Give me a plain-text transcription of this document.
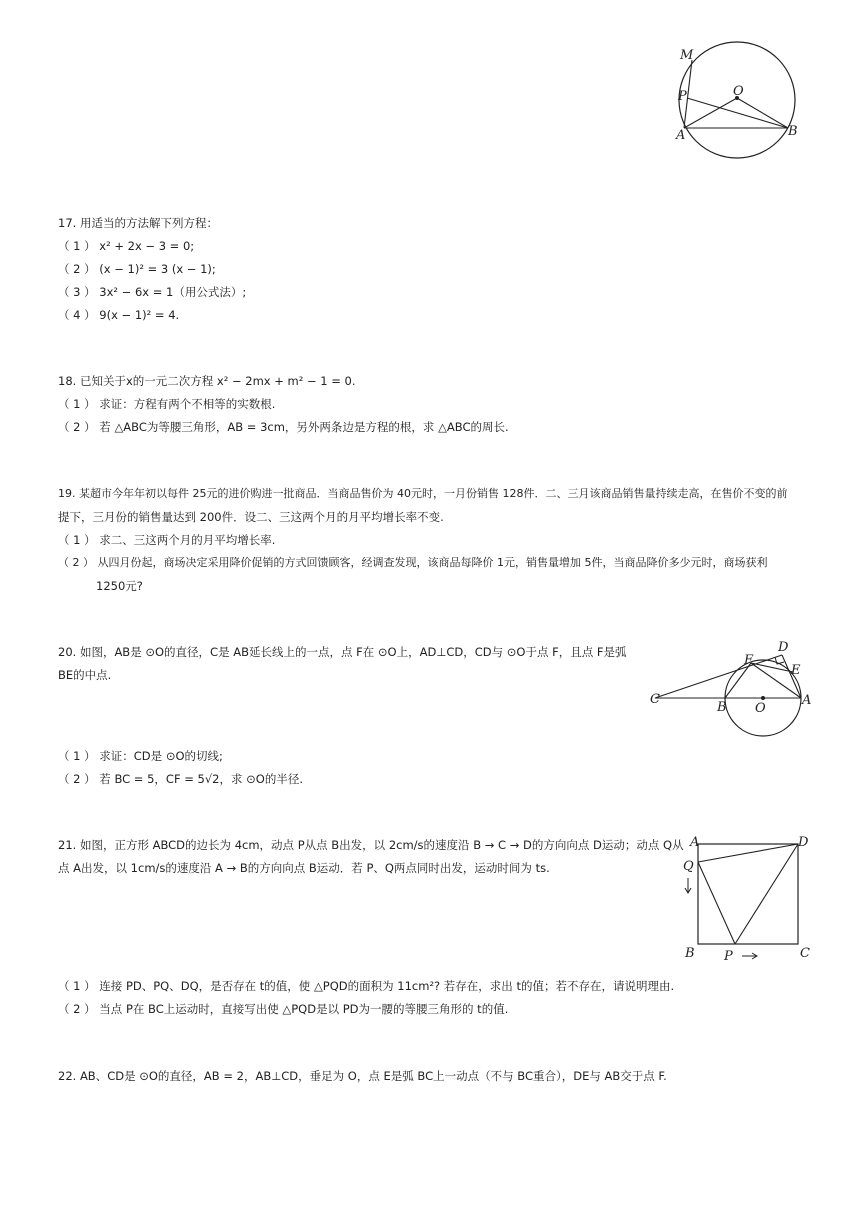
M
O
P
A	B
17. 用适当的方法解下列方程：
（ 1 ） x² + 2x − 3 = 0;
（ 2 ） (x − 1)² = 3 (x − 1);
（ 3 ） 3x² − 6x = 1（用公式法）;
（ 4 ） 9(x − 1)² = 4.
18. 已知关于x的一元二次方程 x² − 2mx + m² − 1 = 0.
（ 1 ） 求证：方程有两个不相等的实数根.
（ 2 ） 若 △ABC为等腰三角形，AB = 3cm，另外两条边是方程的根，求 △ABC的周长.
19. 某超市今年年初以每件 25元的进价购进一批商品．当商品售价为 40元时，一月份销售 128件．二、三月该商品销售量持续走高，在售价不变的前
提下，三月份的销售量达到 200件．设二、三这两个月的月平均增长率不变.
（ 1 ） 求二、三这两个月的月平均增长率.
（ 2 ） 从四月份起，商场决定采用降价促销的方式回馈顾客，经调查发现，该商品每降价 1元，销售量增加 5件，当商品降价多少元时，商场获利
1250元?
20. 如图，AB是 ⊙O的直径，C是 AB延长线上的一点，点 F在 ⊙O上，AD⊥CD，CD与 ⊙O于点 F，且点 F是弧
BE的中点.
D
F
E
C
B O
A
（ 1 ） 求证：CD是 ⊙O的切线;
（ 2 ） 若 BC = 5，CF = 5√2，求 ⊙O的半径.
21. 如图，正方形 ABCD的边长为 4cm，动点 P从点 B出发，以 2cm/s的速度沿 B → C → D的方向向点 D运动；动点 Q从
点 A出发，以 1cm/s的速度沿 A → B的方向向点 B运动．若 P、Q两点同时出发，运动时间为 ts.
A	D
Q
B P	C
（ 1 ） 连接 PD、PQ、DQ，是否存在 t的值，使 △PQD的面积为 11cm²? 若存在，求出 t的值；若不存在，请说明理由.
（ 2 ） 当点 P在 BC上运动时，直接写出使 △PQD是以 PD为一腰的等腰三角形的 t的值.
22. AB、CD是 ⊙O的直径，AB = 2，AB⊥CD，垂足为 O，点 E是弧 BC上一动点（不与 BC重合），DE与 AB交于点 F.
